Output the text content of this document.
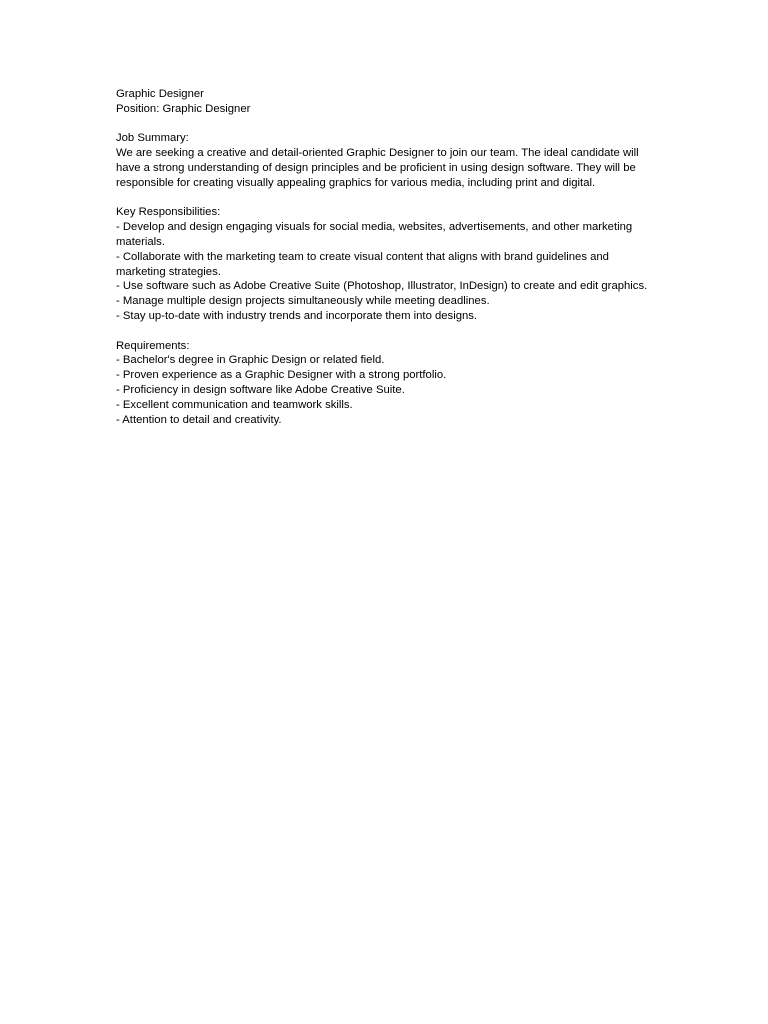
Graphic Designer
Position: Graphic Designer
Job Summary:

We are seeking a creative and detail-oriented Graphic Designer to join our team. The ideal candidate will have a strong understanding of design principles and be proficient in using design software. They will be responsible for creating visually appealing graphics for various media, including print and digital.

Key Responsibilities:
- Develop and design engaging visuals for social media, websites, advertisements, and other marketing materials.
- Collaborate with the marketing team to create visual content that aligns with brand guidelines and marketing strategies.
- Use software such as Adobe Creative Suite (Photoshop, Illustrator, InDesign) to create and edit graphics.
- Manage multiple design projects simultaneously while meeting deadlines.
- Stay up-to-date with industry trends and incorporate them into designs.
Requirements:
- Bachelor's degree in Graphic Design or related field.
- Proven experience as a Graphic Designer with a strong portfolio.
- Proficiency in design software like Adobe Creative Suite.
- Excellent communication and teamwork skills.
- Attention to detail and creativity.
